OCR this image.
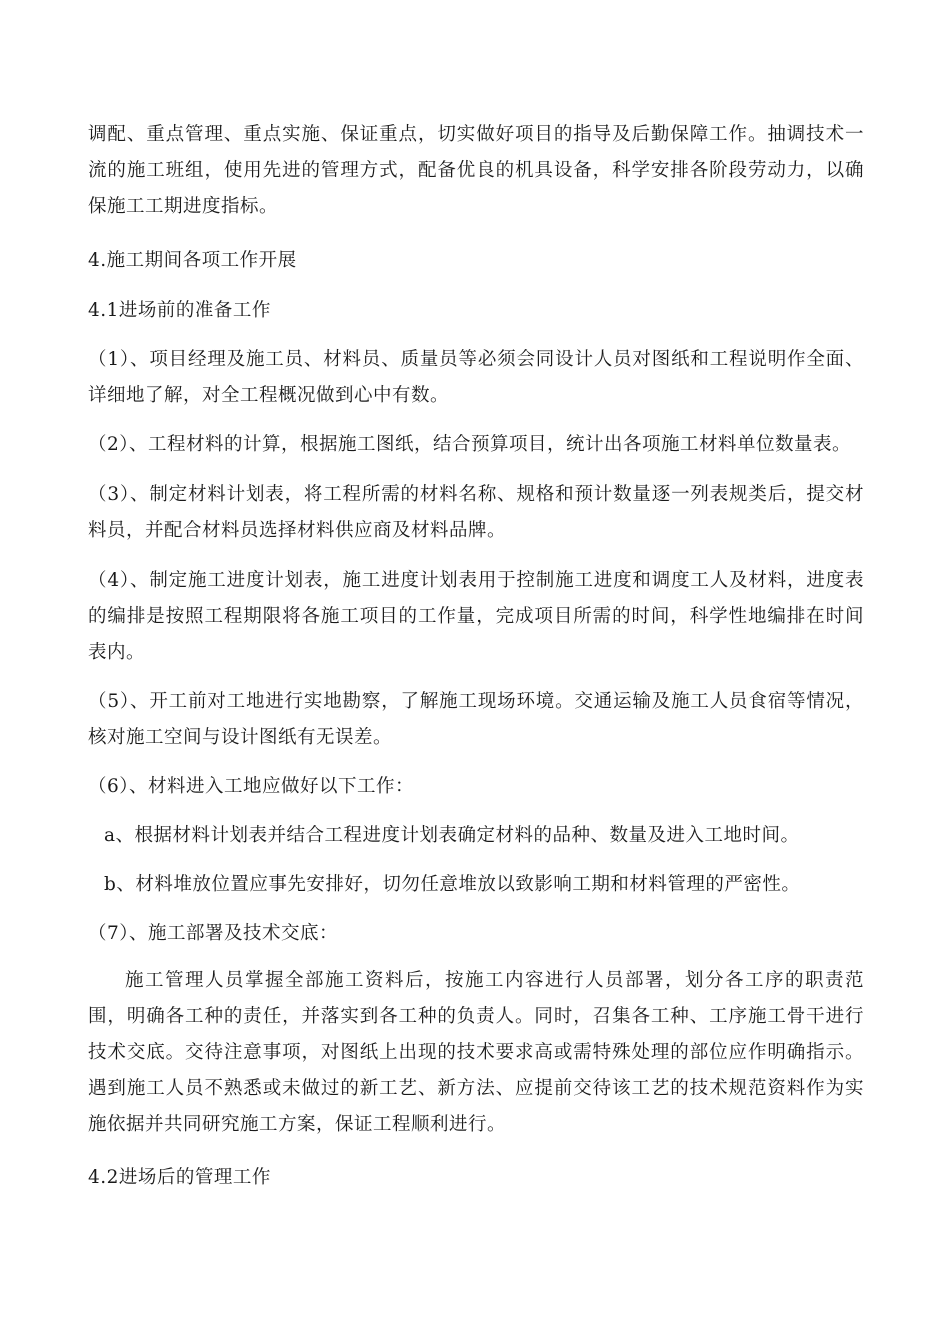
调配、重点管理、重点实施、保证重点，切实做好项目的指导及后勤保障工作。抽调技术一流的施工班组，使用先进的管理方式，配备优良的机具设备，科学安排各阶段劳动力，以确保施工工期进度指标。

4.施工期间各项工作开展

4.1进场前的准备工作

（1）、项目经理及施工员、材料员、质量员等必须会同设计人员对图纸和工程说明作全面、详细地了解，对全工程概况做到心中有数。

（2）、工程材料的计算，根据施工图纸，结合预算项目，统计出各项施工材料单位数量表。

（3）、制定材料计划表，将工程所需的材料名称、规格和预计数量逐一列表规类后，提交材料员，并配合材料员选择材料供应商及材料品牌。

（4）、制定施工进度计划表，施工进度计划表用于控制施工进度和调度工人及材料，进度表的编排是按照工程期限将各施工项目的工作量，完成项目所需的时间，科学性地编排在时间表内。

（5）、开工前对工地进行实地勘察，了解施工现场环境。交通运输及施工人员食宿等情况，核对施工空间与设计图纸有无误差。

（6）、材料进入工地应做好以下工作：

a、根据材料计划表并结合工程进度计划表确定材料的品种、数量及进入工地时间。

b、材料堆放位置应事先安排好，切勿任意堆放以致影响工期和材料管理的严密性。

（7）、施工部署及技术交底：

施工管理人员掌握全部施工资料后，按施工内容进行人员部署，划分各工序的职责范围，明确各工种的责任，并落实到各工种的负责人。同时，召集各工种、工序施工骨干进行技术交底。交待注意事项，对图纸上出现的技术要求高或需特殊处理的部位应作明确指示。遇到施工人员不熟悉或未做过的新工艺、新方法、应提前交待该工艺的技术规范资料作为实施依据并共同研究施工方案，保证工程顺利进行。

4.2进场后的管理工作
